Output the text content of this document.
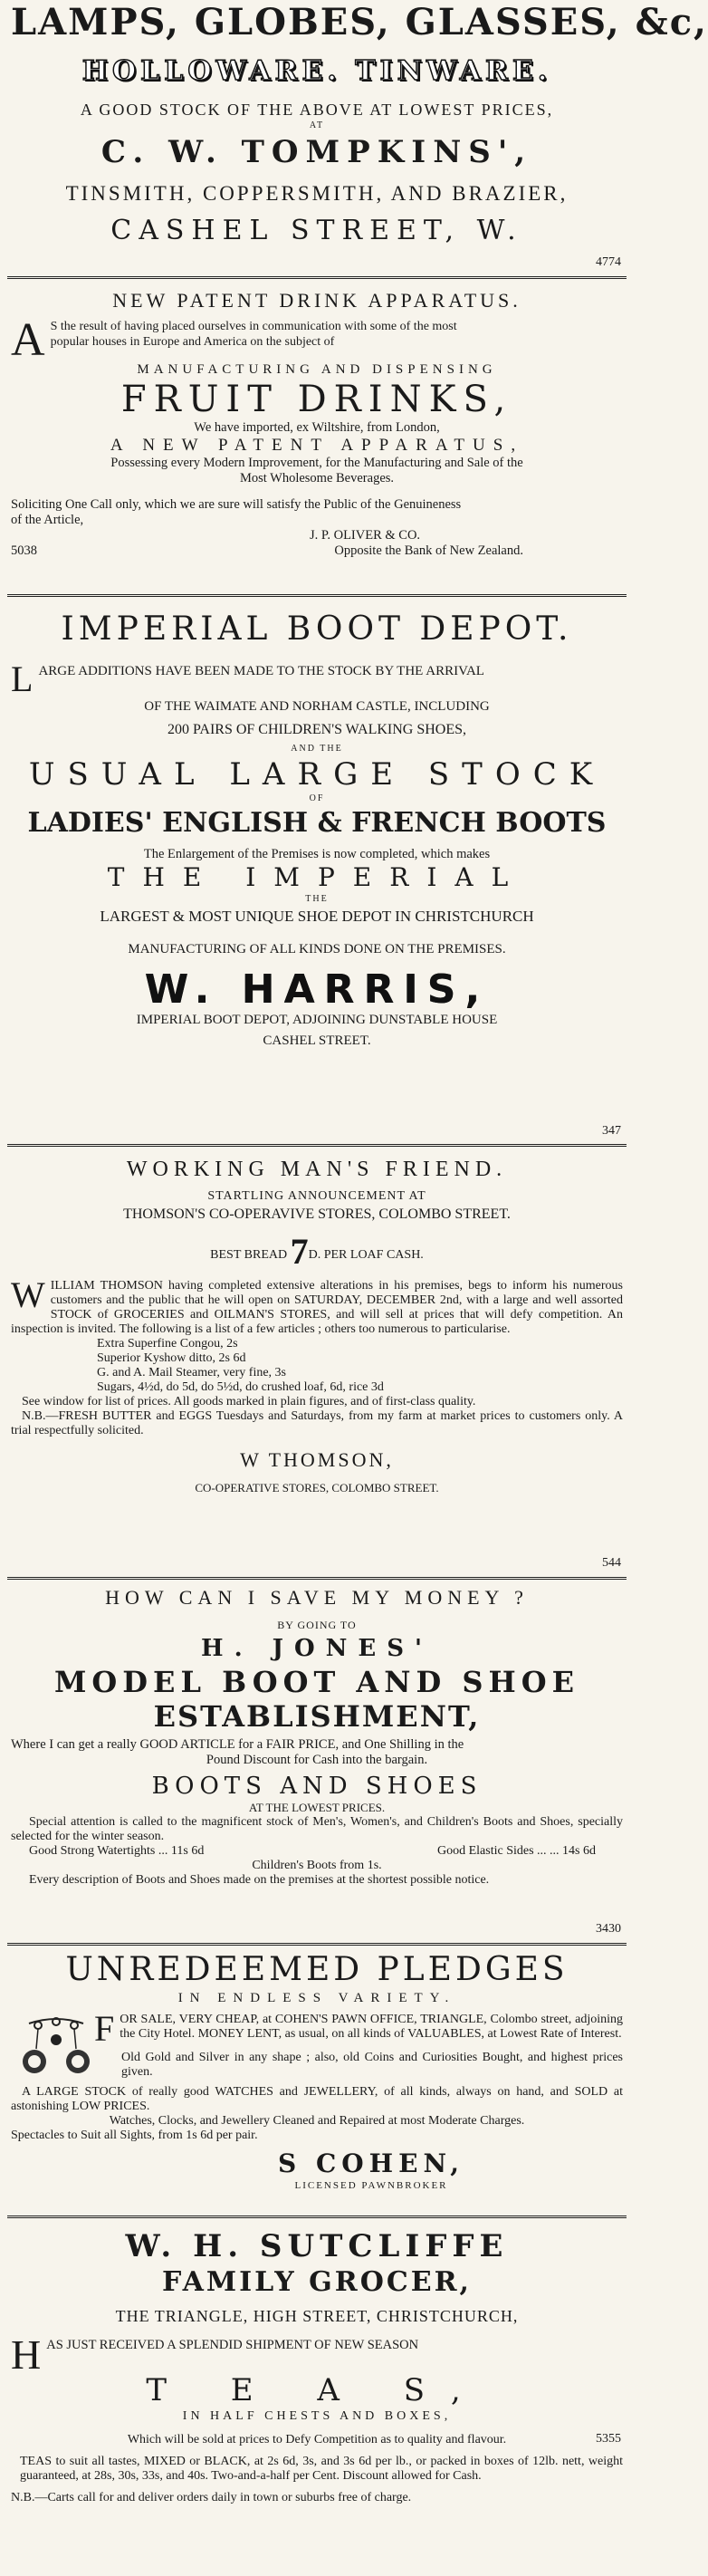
LAMPS, GLOBES, GLASSES, &c,
HOLLOWARE. TINWARE.
A GOOD STOCK OF THE ABOVE AT LOWEST PRICES,
AT
C. W. TOMPKINS',
TINSMITH, COPPERSMITH, AND BRAZIER,
CASHEL STREET, W.
4774
NEW PATENT DRINK APPARATUS.
A S the result of having placed ourselves in communication with some of the most
popular houses in Europe and America on the subject of
MANUFACTURING AND DISPENSING
FRUIT DRINKS,
We have imported, ex Wiltshire, from London,
A NEW PATENT APPARATUS,
Possessing every Modern Improvement, for the Manufacturing and Sale of the
Most Wholesome Beverages.
Soliciting One Call only, which we are sure will satisfy the Public of the Genuineness
of the Article,
J. P. OLIVER & CO.
5038	Opposite the Bank of New Zealand.
IMPERIAL BOOT DEPOT.
L ARGE ADDITIONS HAVE BEEN MADE TO THE STOCK BY THE ARRIVAL
OF THE WAIMATE AND NORHAM CASTLE, INCLUDING
200 PAIRS OF CHILDREN'S WALKING SHOES,
AND THE
USUAL LARGE STOCK
OF
LADIES' ENGLISH & FRENCH BOOTS
The Enlargement of the Premises is now completed, which makes
THE IMPERIAL
THE
LARGEST & MOST UNIQUE SHOE DEPOT IN CHRISTCHURCH
MANUFACTURING OF ALL KINDS DONE ON THE PREMISES.
W. HARRIS,
IMPERIAL BOOT DEPOT, ADJOINING DUNSTABLE HOUSE
CASHEL STREET.
347
WORKING MAN'S FRIEND.
STARTLING ANNOUNCEMENT AT
THOMSON'S CO-OPERAVIVE STORES, COLOMBO STREET.
BEST BREAD 7D. PER LOAF CASH.
W ILLIAM THOMSON having completed extensive alterations in his premises, begs to inform his numerous customers and the public that he will open on SATURDAY, DECEMBER 2nd, with a large and well assorted STOCK of GROCERIES and OILMAN'S STORES, and will sell at prices that will defy competition. An inspection is invited. The following is a list of a few articles ; others too numerous to particularise.
Extra Superfine Congou, 2s
Superior Kyshow ditto, 2s 6d
G. and A. Mail Steamer, very fine, 3s
Sugars, 4½d, do 5d, do 5½d, do crushed loaf, 6d, rice 3d
See window for list of prices. All goods marked in plain figures, and of first-class quality.
N.B.—FRESH BUTTER and EGGS Tuesdays and Saturdays, from my farm at market prices to customers only. A trial respectfully solicited.
W THOMSON,
CO-OPERATIVE STORES, COLOMBO STREET.
544
HOW CAN I SAVE MY MONEY ?
BY GOING TO
H. JONES'
MODEL BOOT AND SHOE
ESTABLISHMENT,
Where I can get a really GOOD ARTICLE for a FAIR PRICE, and One Shilling in the
Pound Discount for Cash into the bargain.
BOOTS AND SHOES
AT THE LOWEST PRICES.
Special attention is called to the magnificent stock of Men's, Women's, and Children's Boots and Shoes, specially selected for the winter season.
Good Strong Watertights ... 11s 6d	Good Elastic Sides ... ... 14s 6d
Children's Boots from 1s.
Every description of Boots and Shoes made on the premises at the shortest possible notice.
3430
UNREDEEMED PLEDGES
IN ENDLESS VARIETY.
F OR SALE, VERY CHEAP, at COHEN'S PAWN OFFICE, TRIANGLE, Colombo street, adjoining the City Hotel. MONEY LENT, as usual, on all kinds of VALUABLES, at Lowest Rate of Interest.
Old Gold and Silver in any shape ; also, old Coins and Curiosities Bought, and highest prices given.
A LARGE STOCK of really good WATCHES and JEWELLERY, of all kinds, always on hand, and SOLD at astonishing LOW PRICES.
Watches, Clocks, and Jewellery Cleaned and Repaired at most Moderate Charges.
Spectacles to Suit all Sights, from 1s 6d per pair.
S COHEN,
LICENSED PAWNBROKER
W. H. SUTCLIFFE
FAMILY GROCER,
THE TRIANGLE, HIGH STREET, CHRISTCHURCH,
H AS JUST RECEIVED A SPLENDID SHIPMENT OF NEW SEASON
T E A S,
IN HALF CHESTS AND BOXES,
5355
Which will be sold at prices to Defy Competition as to quality and flavour.
TEAS to suit all tastes, MIXED or BLACK, at 2s 6d, 3s, and 3s 6d per lb., or packed in boxes of 12lb. nett, weight guaranteed, at 28s, 30s, 33s, and 40s. Two-and-a-half per Cent. Discount allowed for Cash.
N.B.—Carts call for and deliver orders daily in town or suburbs free of charge.
